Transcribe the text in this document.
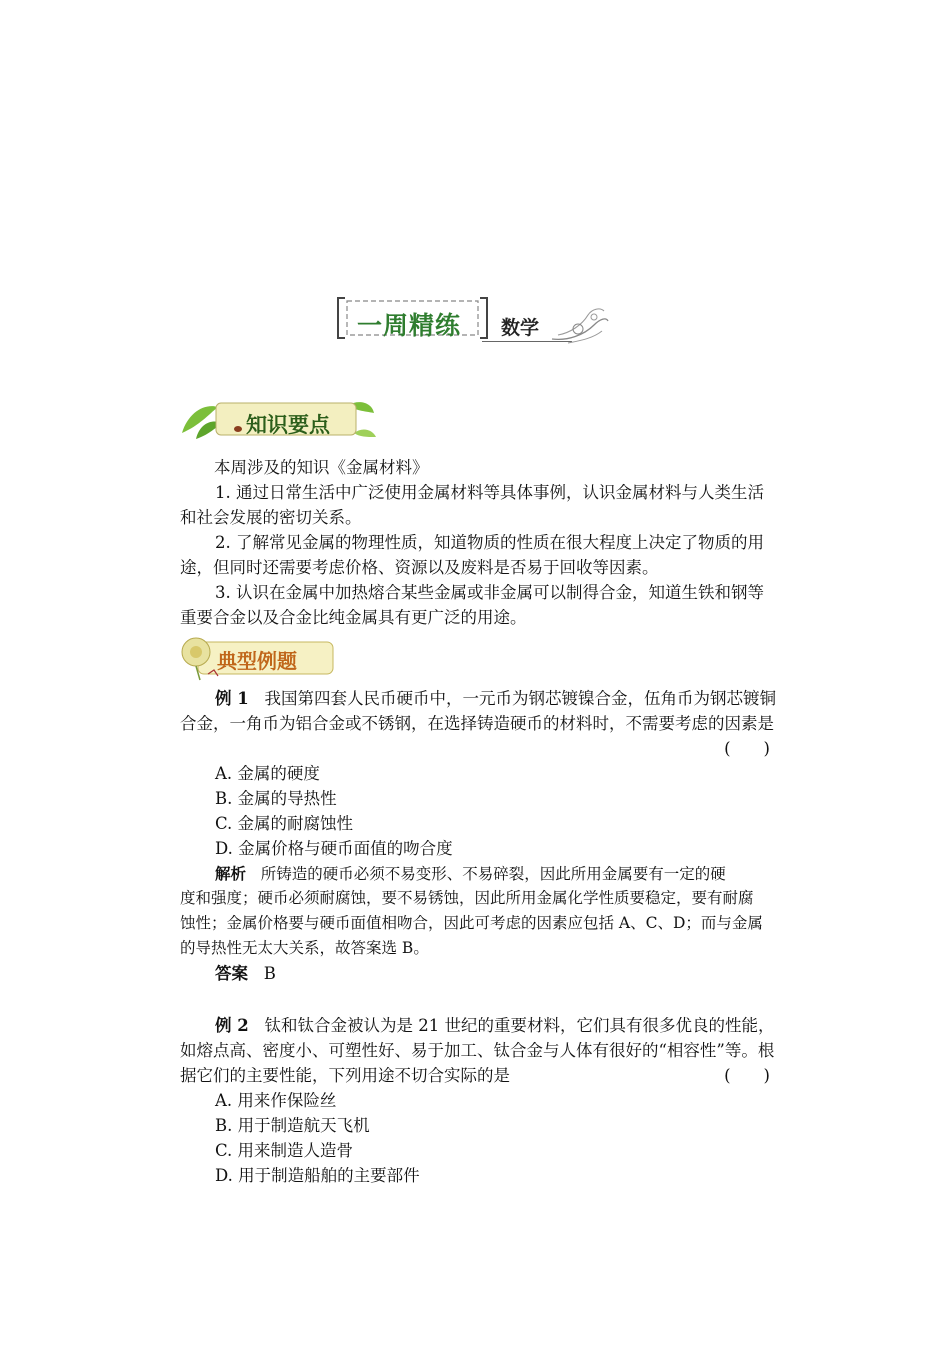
一周精练 数学
知识要点
本周涉及的知识《金属材料》
1. 通过日常生活中广泛使用金属材料等具体事例，认识金属材料与人类生活
和社会发展的密切关系。
2. 了解常见金属的物理性质，知道物质的性质在很大程度上决定了物质的用
途，但同时还需要考虑价格、资源以及废料是否易于回收等因素。
3. 认识在金属中加热熔合某些金属或非金属可以制得合金，知道生铁和钢等
重要合金以及合金比纯金属具有更广泛的用途。
典型例题
例 1 我国第四套人民币硬币中，一元币为钢芯镀镍合金，伍角币为钢芯镀铜
合金，一角币为铝合金或不锈钢，在选择铸造硬币的材料时，不需要考虑的因素是
(　　)
A. 金属的硬度
B. 金属的导热性
C. 金属的耐腐蚀性
D. 金属价格与硬币面值的吻合度
解析 所铸造的硬币必须不易变形、不易碎裂，因此所用金属要有一定的硬
度和强度；硬币必须耐腐蚀，要不易锈蚀，因此所用金属化学性质要稳定，要有耐腐
蚀性；金属价格要与硬币面值相吻合，因此可考虑的因素应包括 A、C、D；而与金属
的导热性无太大关系，故答案选 B。
答案 B
例 2 钛和钛合金被认为是 21 世纪的重要材料，它们具有很多优良的性能，
如熔点高、密度小、可塑性好、易于加工、钛合金与人体有很好的“相容性”等。根
据它们的主要性能，下列用途不切合实际的是	(　　)
A. 用来作保险丝
B. 用于制造航天飞机
C. 用来制造人造骨
D. 用于制造船舶的主要部件
